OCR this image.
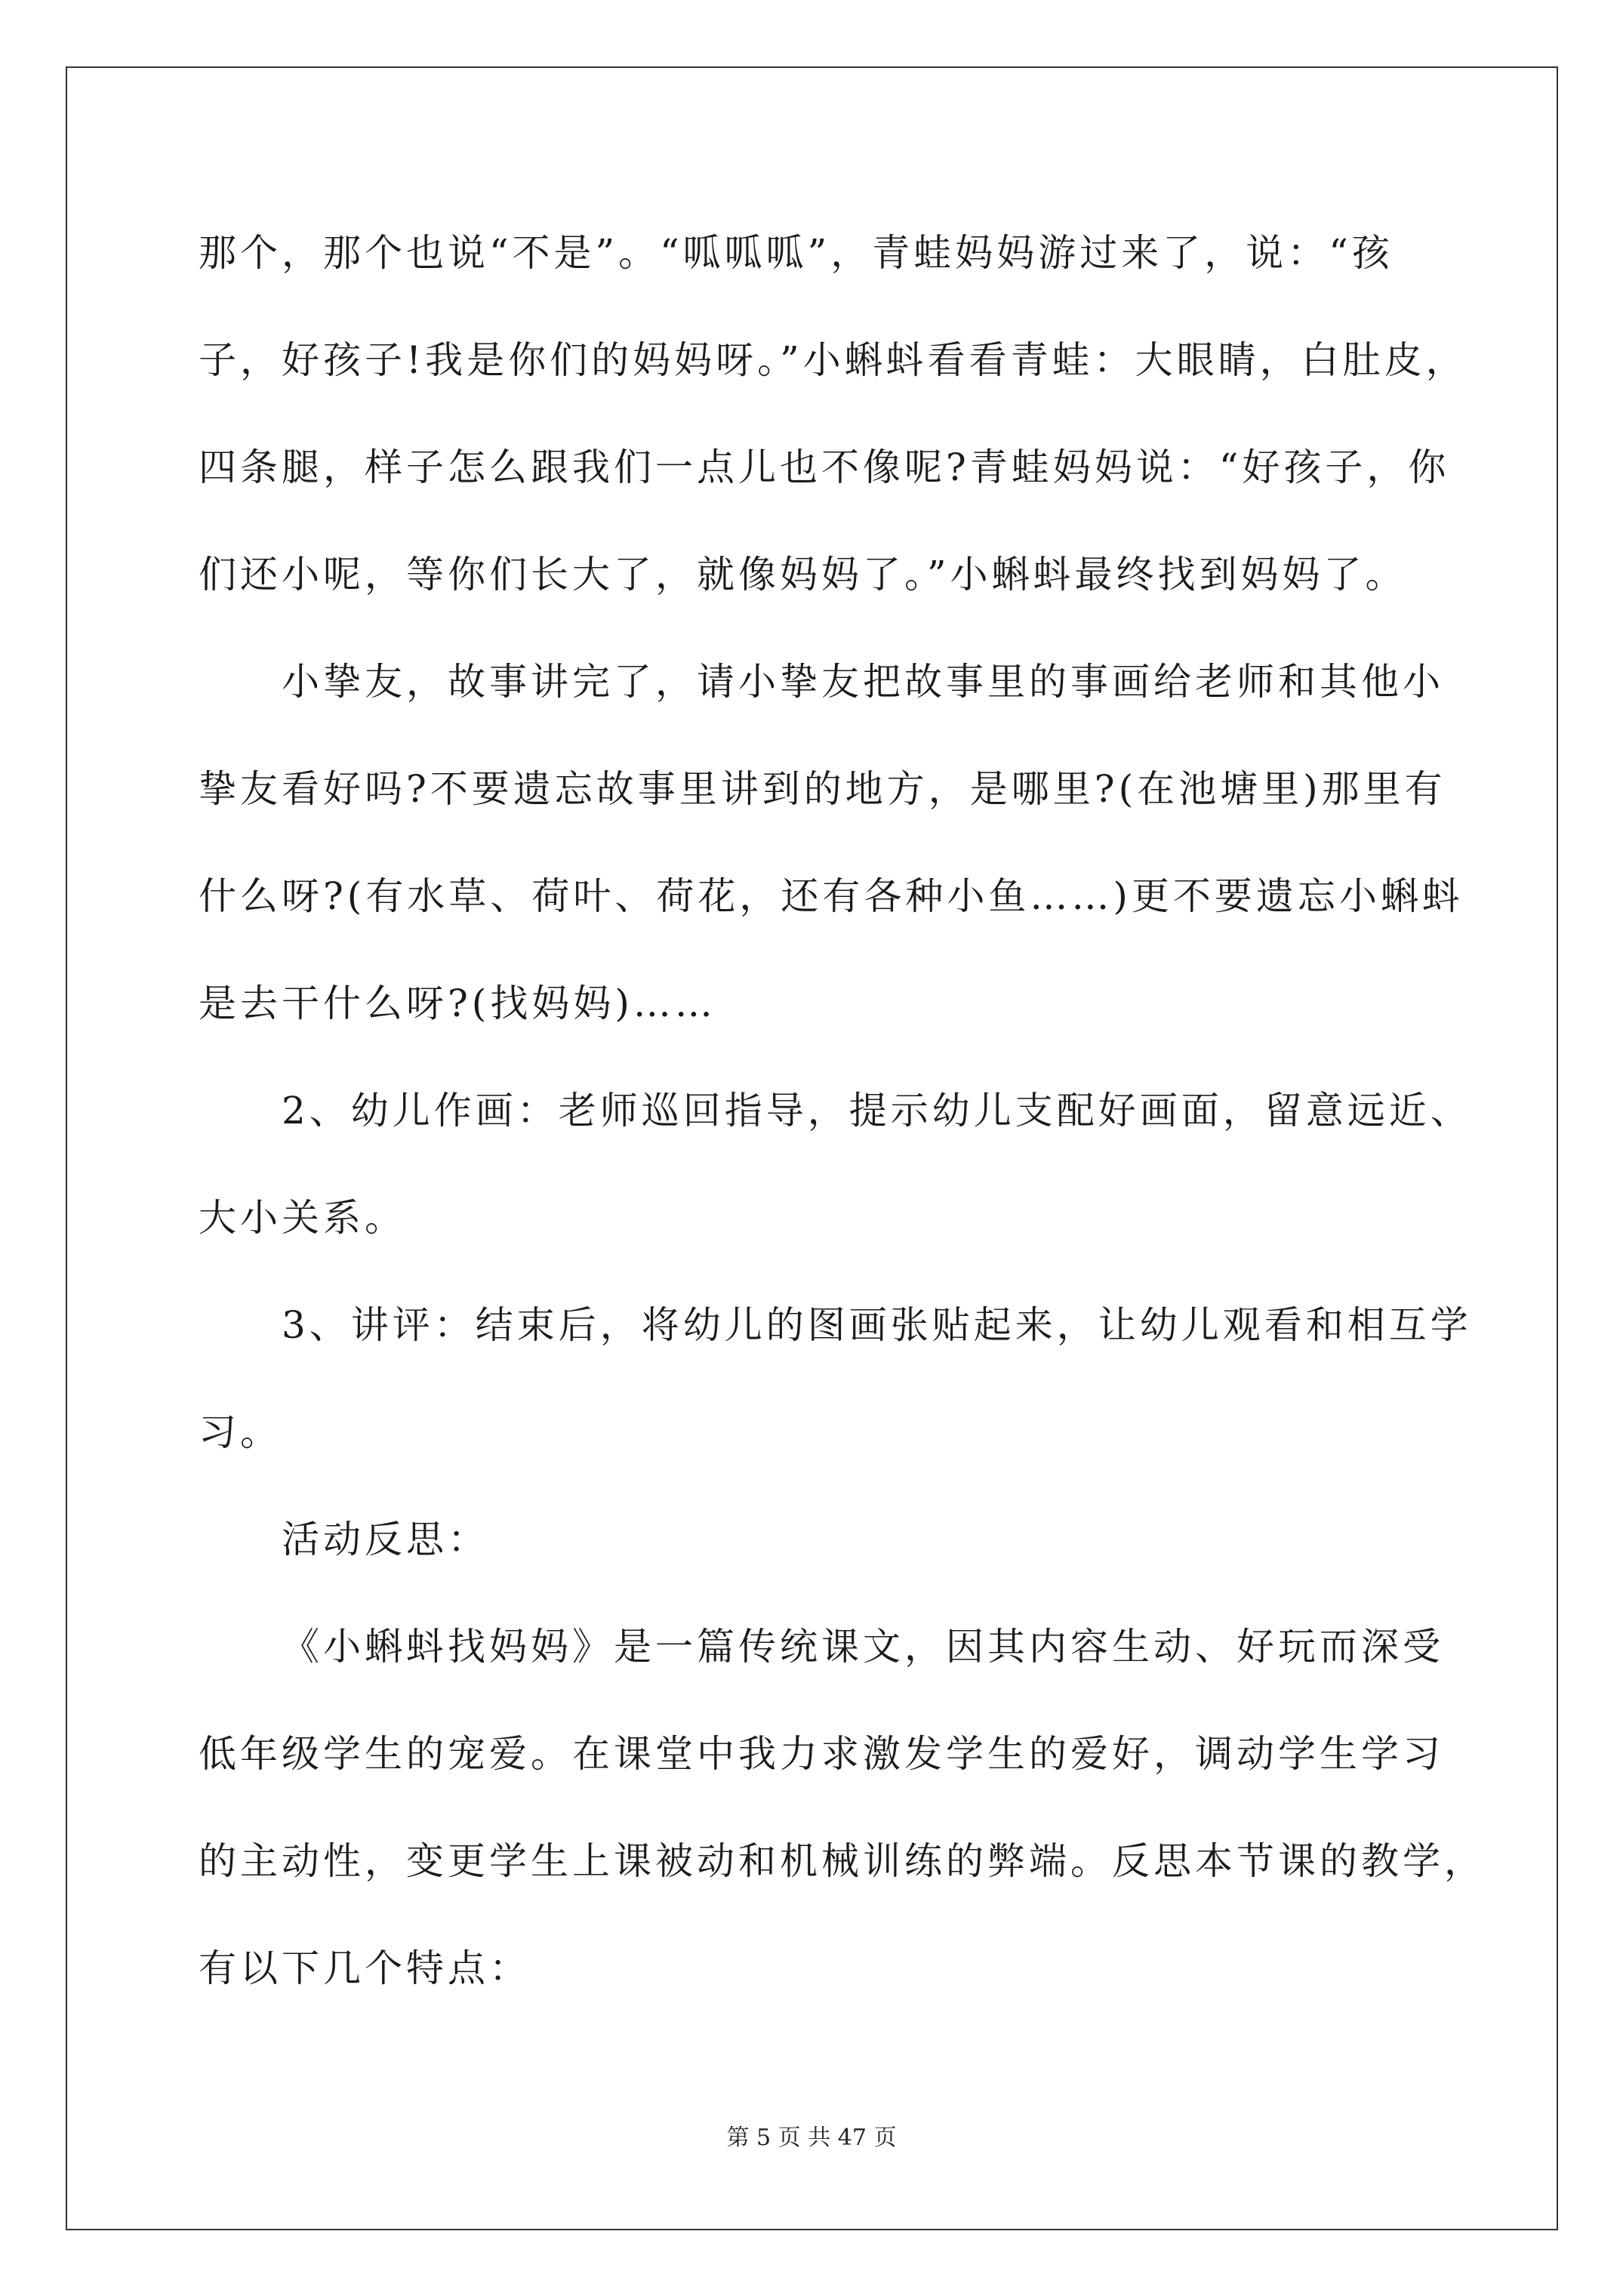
那个，那个也说“不是”。“呱呱呱”，青蛙妈妈游过来了，说：“孩
子，好孩子!我是你们的妈妈呀。”小蝌蚪看看青蛙：大眼睛，白肚皮，
四条腿，样子怎么跟我们一点儿也不像呢?青蛙妈妈说：“好孩子，你
们还小呢，等你们长大了，就像妈妈了。”小蝌蚪最终找到妈妈了。
小挚友，故事讲完了，请小挚友把故事里的事画给老师和其他小
挚友看好吗?不要遗忘故事里讲到的地方，是哪里?(在池塘里)那里有
什么呀?(有水草、荷叶、荷花，还有各种小鱼……)更不要遗忘小蝌蚪
是去干什么呀?(找妈妈)……
2、幼儿作画：老师巡回指导，提示幼儿支配好画面，留意远近、
大小关系。
3、讲评：结束后，将幼儿的图画张贴起来，让幼儿观看和相互学
习。
活动反思：
《小蝌蚪找妈妈》是一篇传统课文，因其内容生动、好玩而深受
低年级学生的宠爱。在课堂中我力求激发学生的爱好，调动学生学习
的主动性，变更学生上课被动和机械训练的弊端。反思本节课的教学，
有以下几个特点：
第 5 页 共 47 页
